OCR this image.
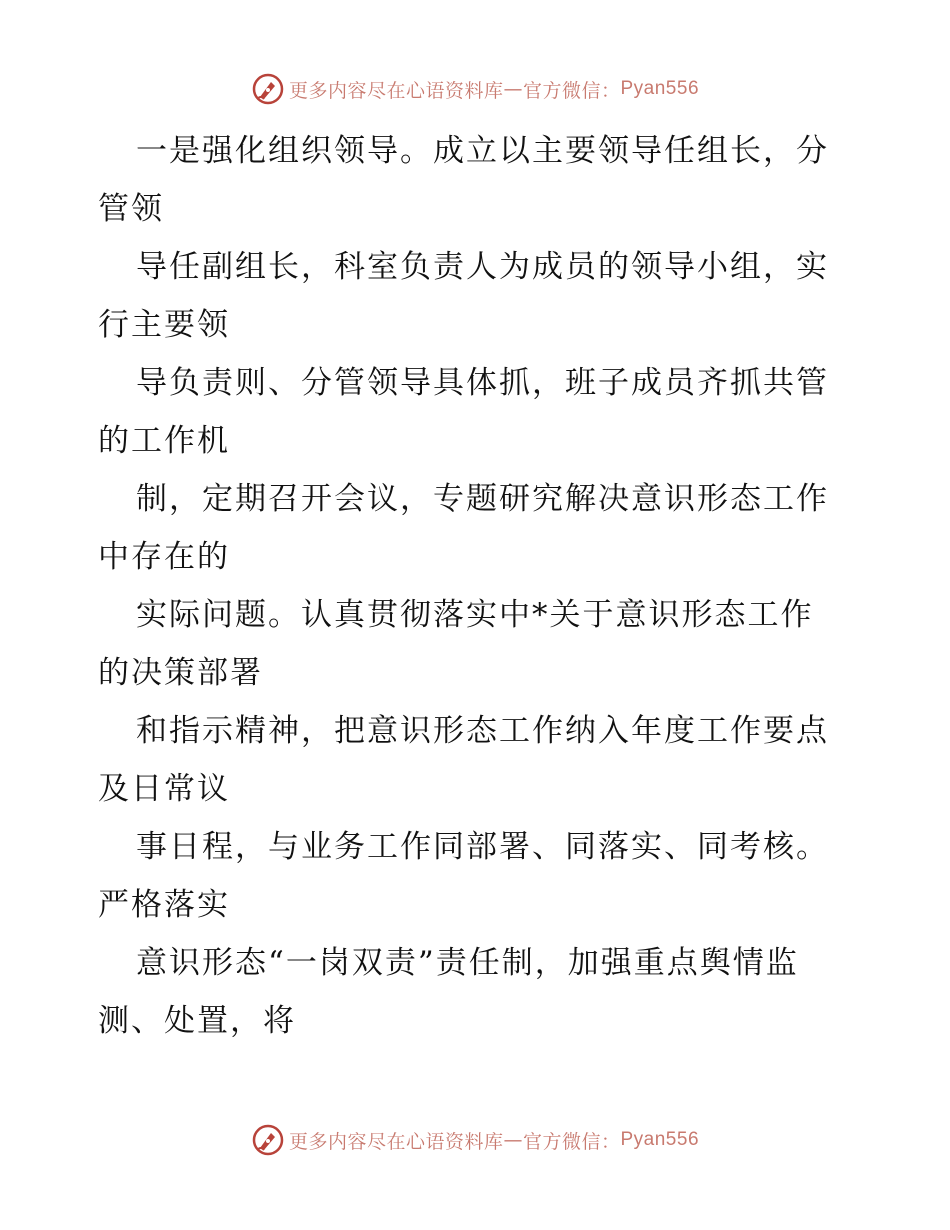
更多内容尽在心语资料库 — 官方微信： Pyan556
一是强化组织领导。成立以主要领导任组长，分
管领
导任副组长，科室负责人为成员的领导小组，实
行主要领
导负责则、分管领导具体抓，班子成员齐抓共管
的工作机
制，定期召开会议，专题研究解决意识形态工作
中存在的
实际问题。认真贯彻落实中*关于意识形态工作
的决策部署
和指示精神，把意识形态工作纳入年度工作要点
及日常议
事日程，与业务工作同部署、同落实、同考核。
严格落实
意识形态“一岗双责”责任制，加强重点舆情监
测、处置，将
更多内容尽在心语资料库 — 官方微信： Pyan556
